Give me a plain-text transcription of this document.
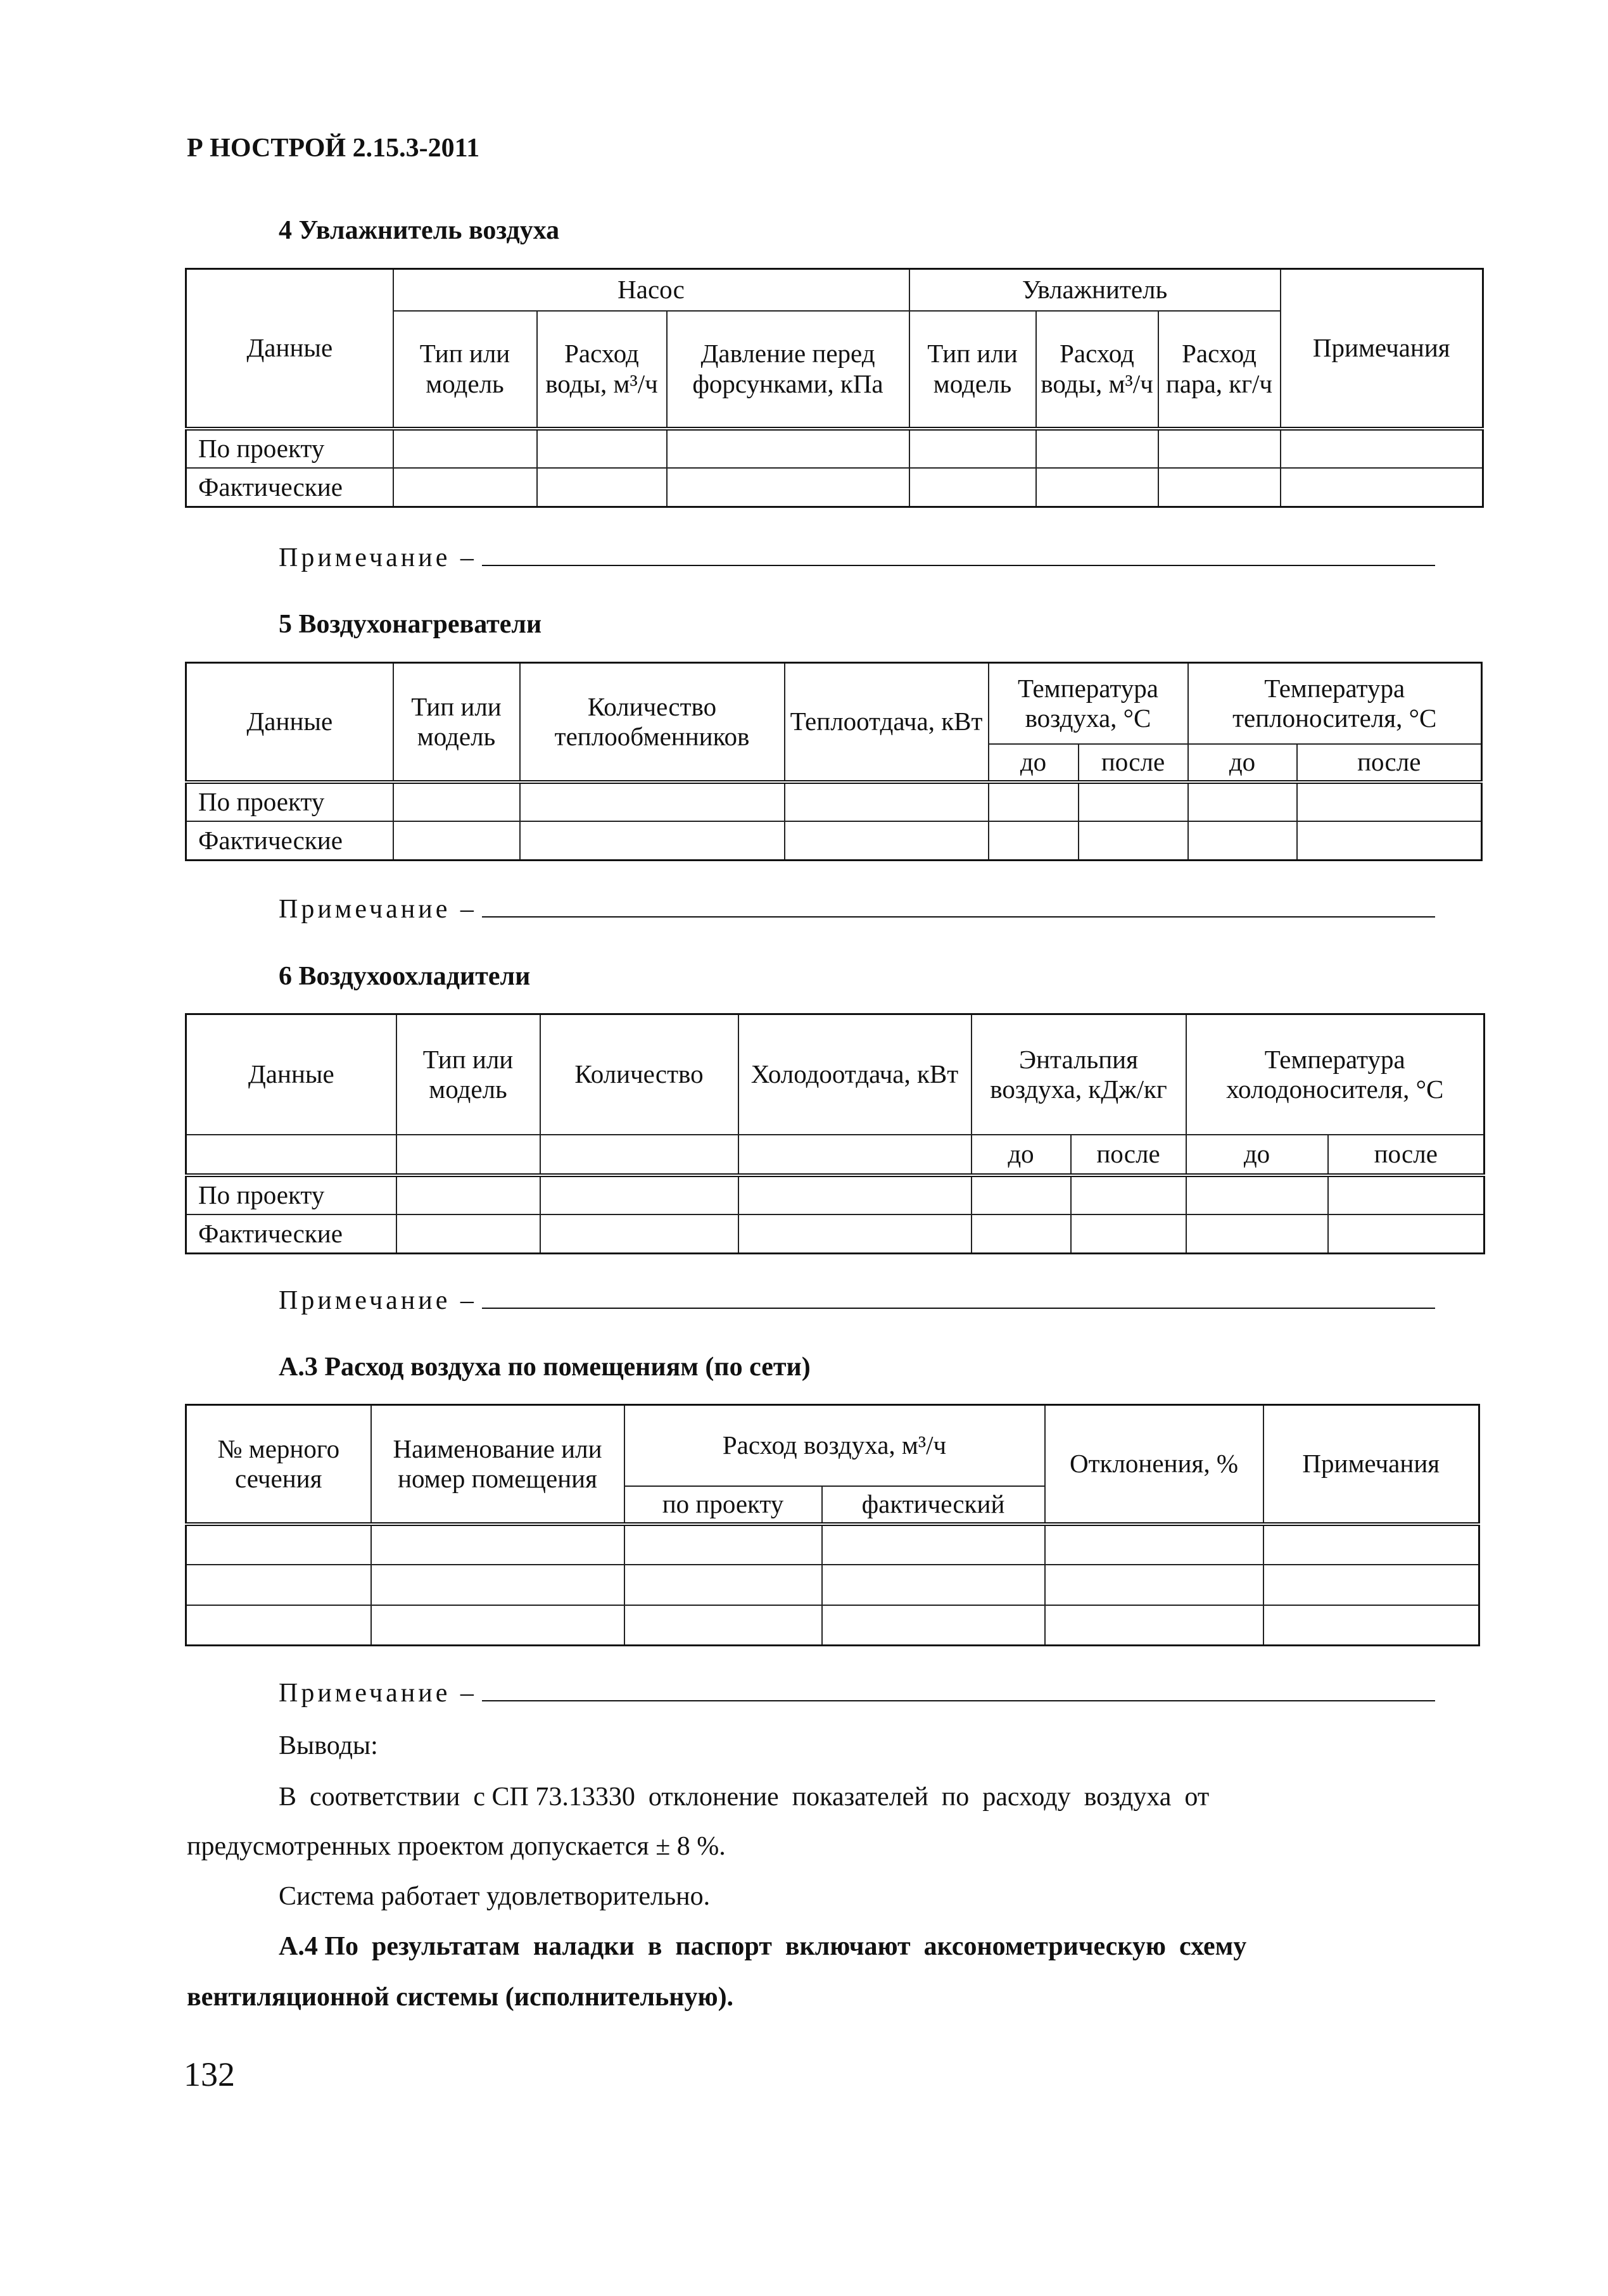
Р НОСТРОЙ 2.15.3-2011
4 Увлажнитель воздуха
Данные	Насос			Увлажнитель			Примечания
	Тип или модель	Расход воды, м³/ч	Давление перед форсунками, кПа	Тип или модель	Расход воды, м³/ч	Расход пара, кг/ч	
По проекту							
Фактические							
Примечание –
5 Воздухонагреватели
Данные	Тип или модель	Количество теплообменников	Теплоотдача, кВт	Температура воздуха, °С		Температура теплоносителя, °С	
				до	после	до	после
По проекту							
Фактические							
Примечание –
6 Воздухоохладители
Данные	Тип или модель	Количество	Холодоотдача, кВт	Энтальпия воздуха, кДж/кг		Температура холодоносителя, °С	

				до	после	до	после
По проекту							
Фактические							
Примечание –
А.3 Расход воздуха по помещениям (по сети)
№ мерного сечения	Наименование или номер помещения	Расход воздуха, м³/ч		Отклонения, %	Примечания
		по проекту	фактический		

Примечание –
Выводы:
В  соответствии  с СП 73.13330  отклонение  показателей  по  расходу  воздуха  от
предусмотренных проектом допускается ± 8 %.
Система работает удовлетворительно.
А.4 По  результатам  наладки  в  паспорт  включают  аксонометрическую  схему
вентиляционной системы (исполнительную).
132
